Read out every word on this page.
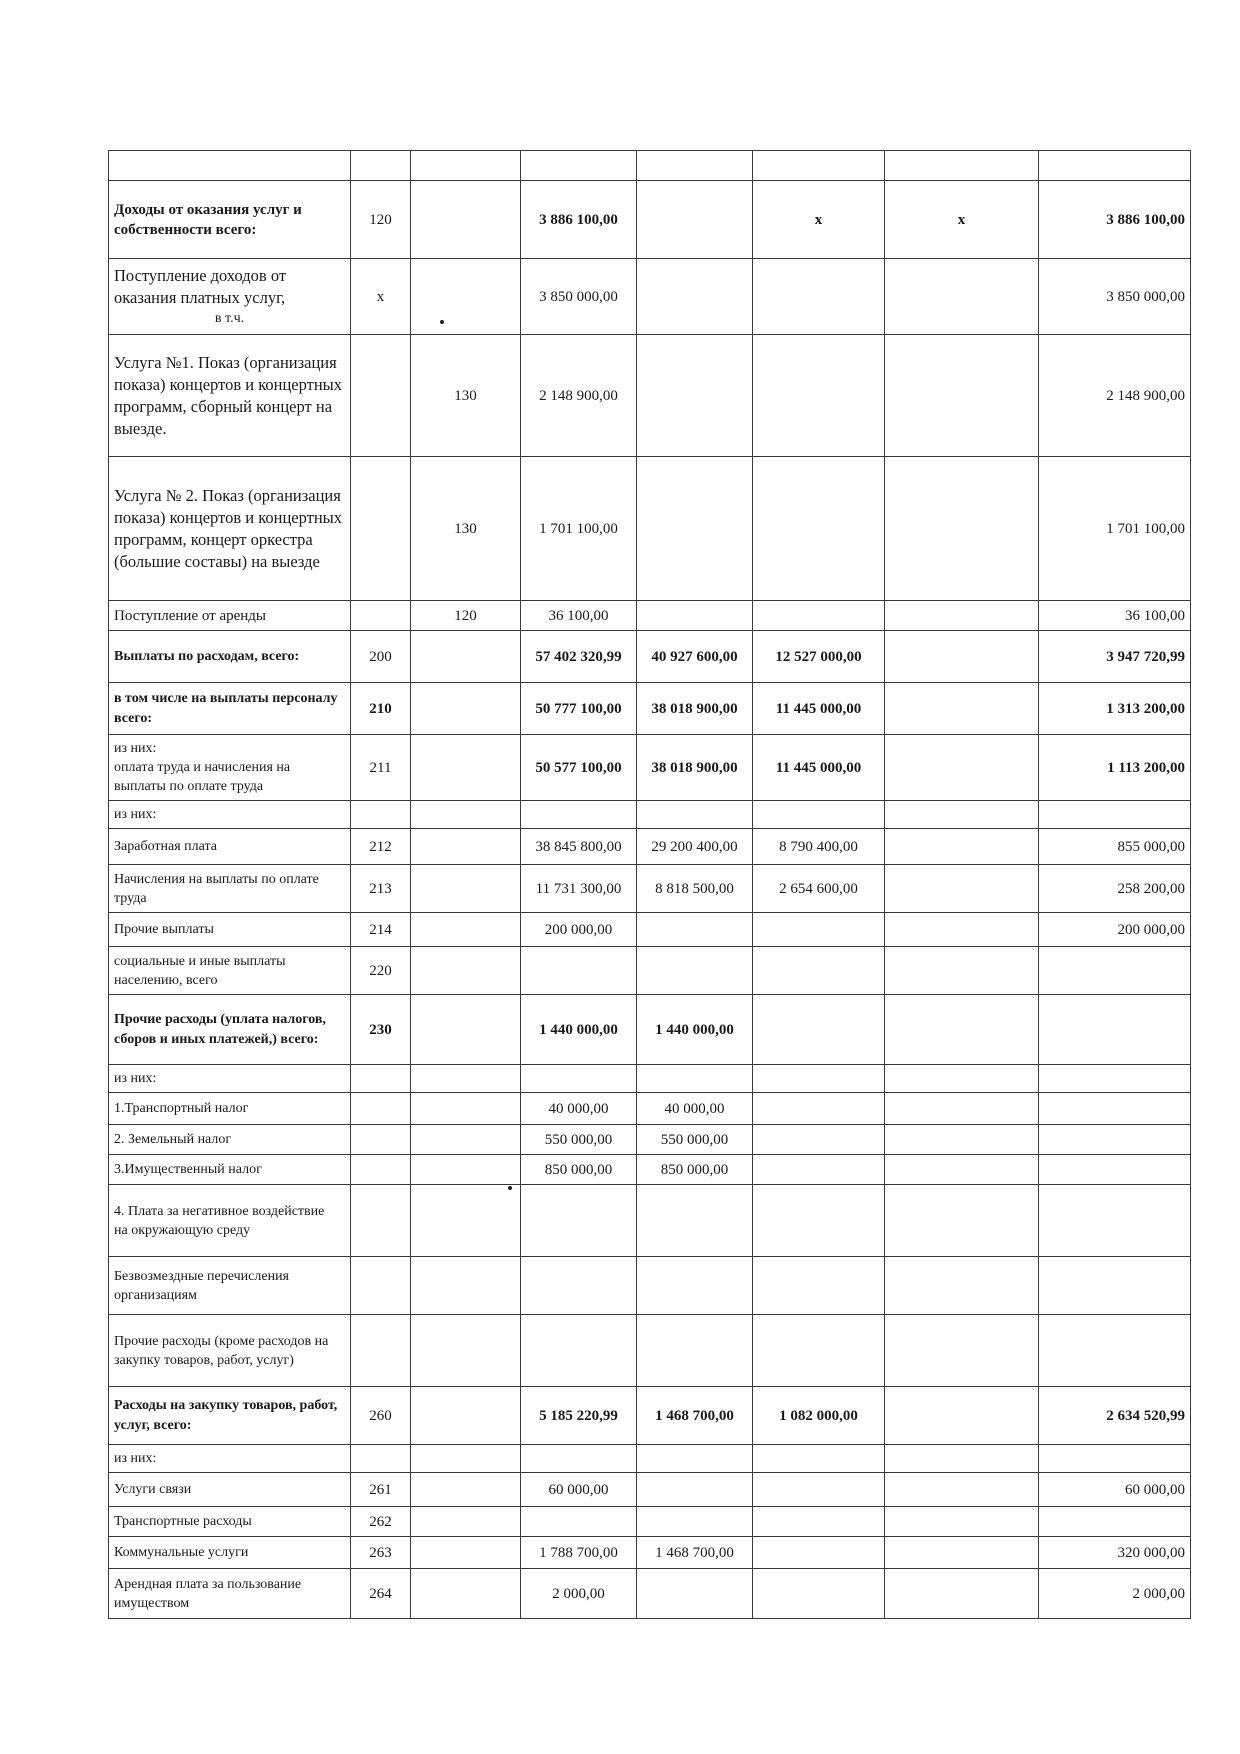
Доходы от оказания услуг и собственности всего:	120		3 886 100,00		x	x		3 886 100,00
Поступление доходов от оказания платных услуг,
в т.ч.	x		3 850 000,00					3 850 000,00
Услуга №1. Показ (организация показа) концертов и концертных программ, сборный концерт на выезде.		130	2 148 900,00					2 148 900,00
Услуга № 2. Показ (организация показа) концертов и концертных программ, концерт оркестра (большие составы) на выезде		130	1 701 100,00					1 701 100,00
Поступление от аренды		120	36 100,00					36 100,00
Выплаты по расходам, всего:	200		57 402 320,99	40 927 600,00	12 527 000,00			3 947 720,99
в том числе на выплаты персоналу всего:	210		50 777 100,00	38 018 900,00	11 445 000,00			1 313 200,00
из них:
оплата труда и начисления на выплаты по оплате труда	211		50 577 100,00	38 018 900,00	11 445 000,00			1 113 200,00
из них:								
Заработная плата	212		38 845 800,00	29 200 400,00	8 790 400,00			855 000,00
Начисления на выплаты по оплате труда	213		11 731 300,00	8 818 500,00	2 654 600,00			258 200,00
Прочие выплаты	214		200 000,00					200 000,00
социальные и иные выплаты населению, всего	220							
Прочие расходы (уплата налогов, сборов и иных платежей,) всего:	230		1 440 000,00	1 440 000,00				
из них:								
1.Транспортный налог			40 000,00	40 000,00				
2. Земельный налог			550 000,00	550 000,00				
3.Имущественный налог			850 000,00	850 000,00				
4. Плата за негативное воздействие
на окружающую среду								
Безвозмездные перечисления организациям								
Прочие расходы (кроме расходов на закупку товаров, работ, услуг)								
Расходы на закупку товаров, работ, услуг, всего:	260		5 185 220,99	1 468 700,00	1 082 000,00			2 634 520,99
из них:								
Услуги связи	261		60 000,00					60 000,00
Транспортные расходы	262							
Коммунальные услуги	263		1 788 700,00	1 468 700,00				320 000,00
Арендная плата за пользование имуществом	264		2 000,00					2 000,00
